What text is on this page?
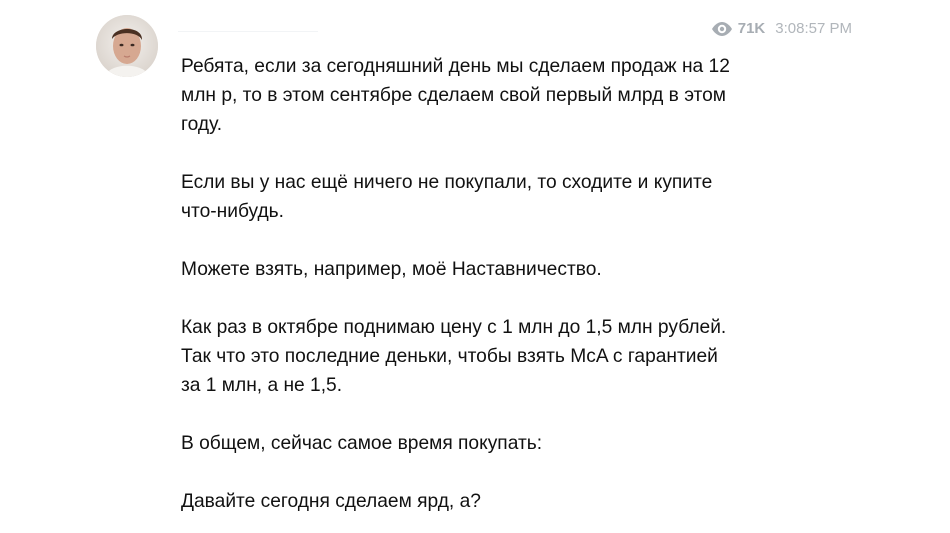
71K 3:08:57 PM
Ребята, если за сегодняшний день мы сделаем продаж на 12
млн р, то в этом сентябре сделаем свой первый млрд в этом
году.
Если вы у нас ещё ничего не покупали, то сходите и купите
что-нибудь.
Можете взять, например, моё Наставничество.
Как раз в октябре поднимаю цену с 1 млн до 1,5 млн рублей.
Так что это последние деньки, чтобы взять McA с гарантией
за 1 млн, а не 1,5.
В общем, сейчас самое время покупать:
Давайте сегодня сделаем ярд, а?
